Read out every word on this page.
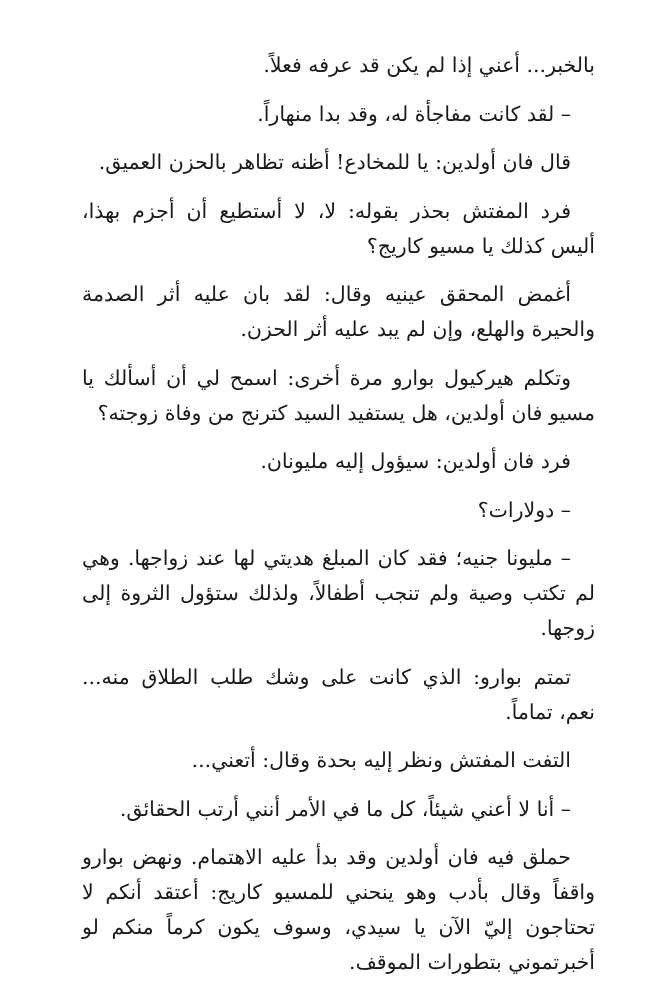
بالخبر... أعني إذا لم يكن قد عرفه فعلاً.

– لقد كانت مفاجأة له، وقد بدا منهاراً.

قال فان أولدين: يا للمخادع! أظنه تظاهر بالحزن العميق.

فرد المفتش بحذر بقوله: لا، لا أستطيع أن أجزم بهذا، أليس كذلك يا مسيو كاريج؟

أغمض المحقق عينيه وقال: لقد بان عليه أثر الصدمة والحيرة والهلع، وإن لم يبد عليه أثر الحزن.

وتكلم هيركيول بوارو مرة أخرى: اسمح لي أن أسألك يا مسيو فان أولدين، هل يستفيد السيد كترنج من وفاة زوجته؟

فرد فان أولدين: سيؤول إليه مليونان.

– دولارات؟

– مليونا جنيه؛ فقد كان المبلغ هديتي لها عند زواجها. وهي لم تكتب وصية ولم تنجب أطفالاً، ولذلك ستؤول الثروة إلى زوجها.

تمتم بوارو: الذي كانت على وشك طلب الطلاق منه... نعم، تماماً.

التفت المفتش ونظر إليه بحدة وقال: أتعني...

– أنا لا أعني شيئاً، كل ما في الأمر أنني أرتب الحقائق.

حملق فيه فان أولدين وقد بدأ عليه الاهتمام. ونهض بوارو واقفاً وقال بأدب وهو ينحني للمسيو كاريج: أعتقد أنكم لا تحتاجون إليّ الآن يا سيدي، وسوف يكون كرماً منكم لو أخبرتموني بتطورات الموقف.
